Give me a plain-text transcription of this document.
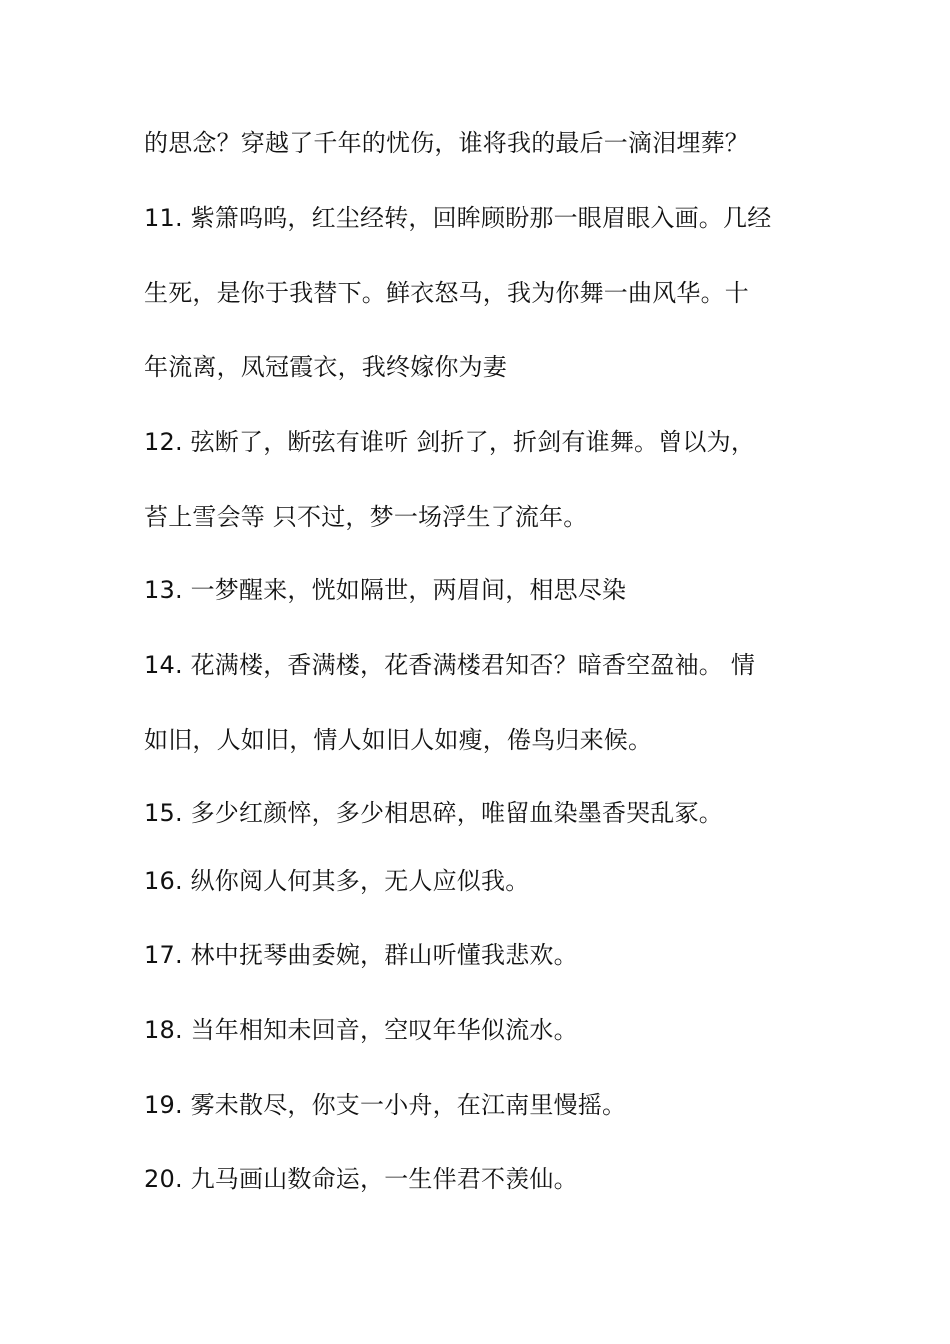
的思念？穿越了千年的忧伤，谁将我的最后一滴泪埋葬？
11. 紫箫呜呜，红尘经转，回眸顾盼那一眼眉眼入画。几经
生死，是你于我替下。鲜衣怒马，我为你舞一曲风华。十
年流离，凤冠霞衣，我终嫁你为妻
12. 弦断了，断弦有谁听 剑折了，折剑有谁舞。曾以为，
苔上雪会等 只不过，梦一场浮生了流年。
13. 一梦醒来，恍如隔世，两眉间，相思尽染
14. 花满楼，香满楼，花香满楼君知否？暗香空盈袖。 情
如旧，人如旧，情人如旧人如瘦，倦鸟归来候。
15. 多少红颜悴，多少相思碎，唯留血染墨香哭乱冢。
16. 纵你阅人何其多，无人应似我。
17. 林中抚琴曲委婉，群山听懂我悲欢。
18. 当年相知未回音，空叹年华似流水。
19. 雾未散尽，你支一小舟，在江南里慢摇。
20. 九马画山数命运，一生伴君不羡仙。
